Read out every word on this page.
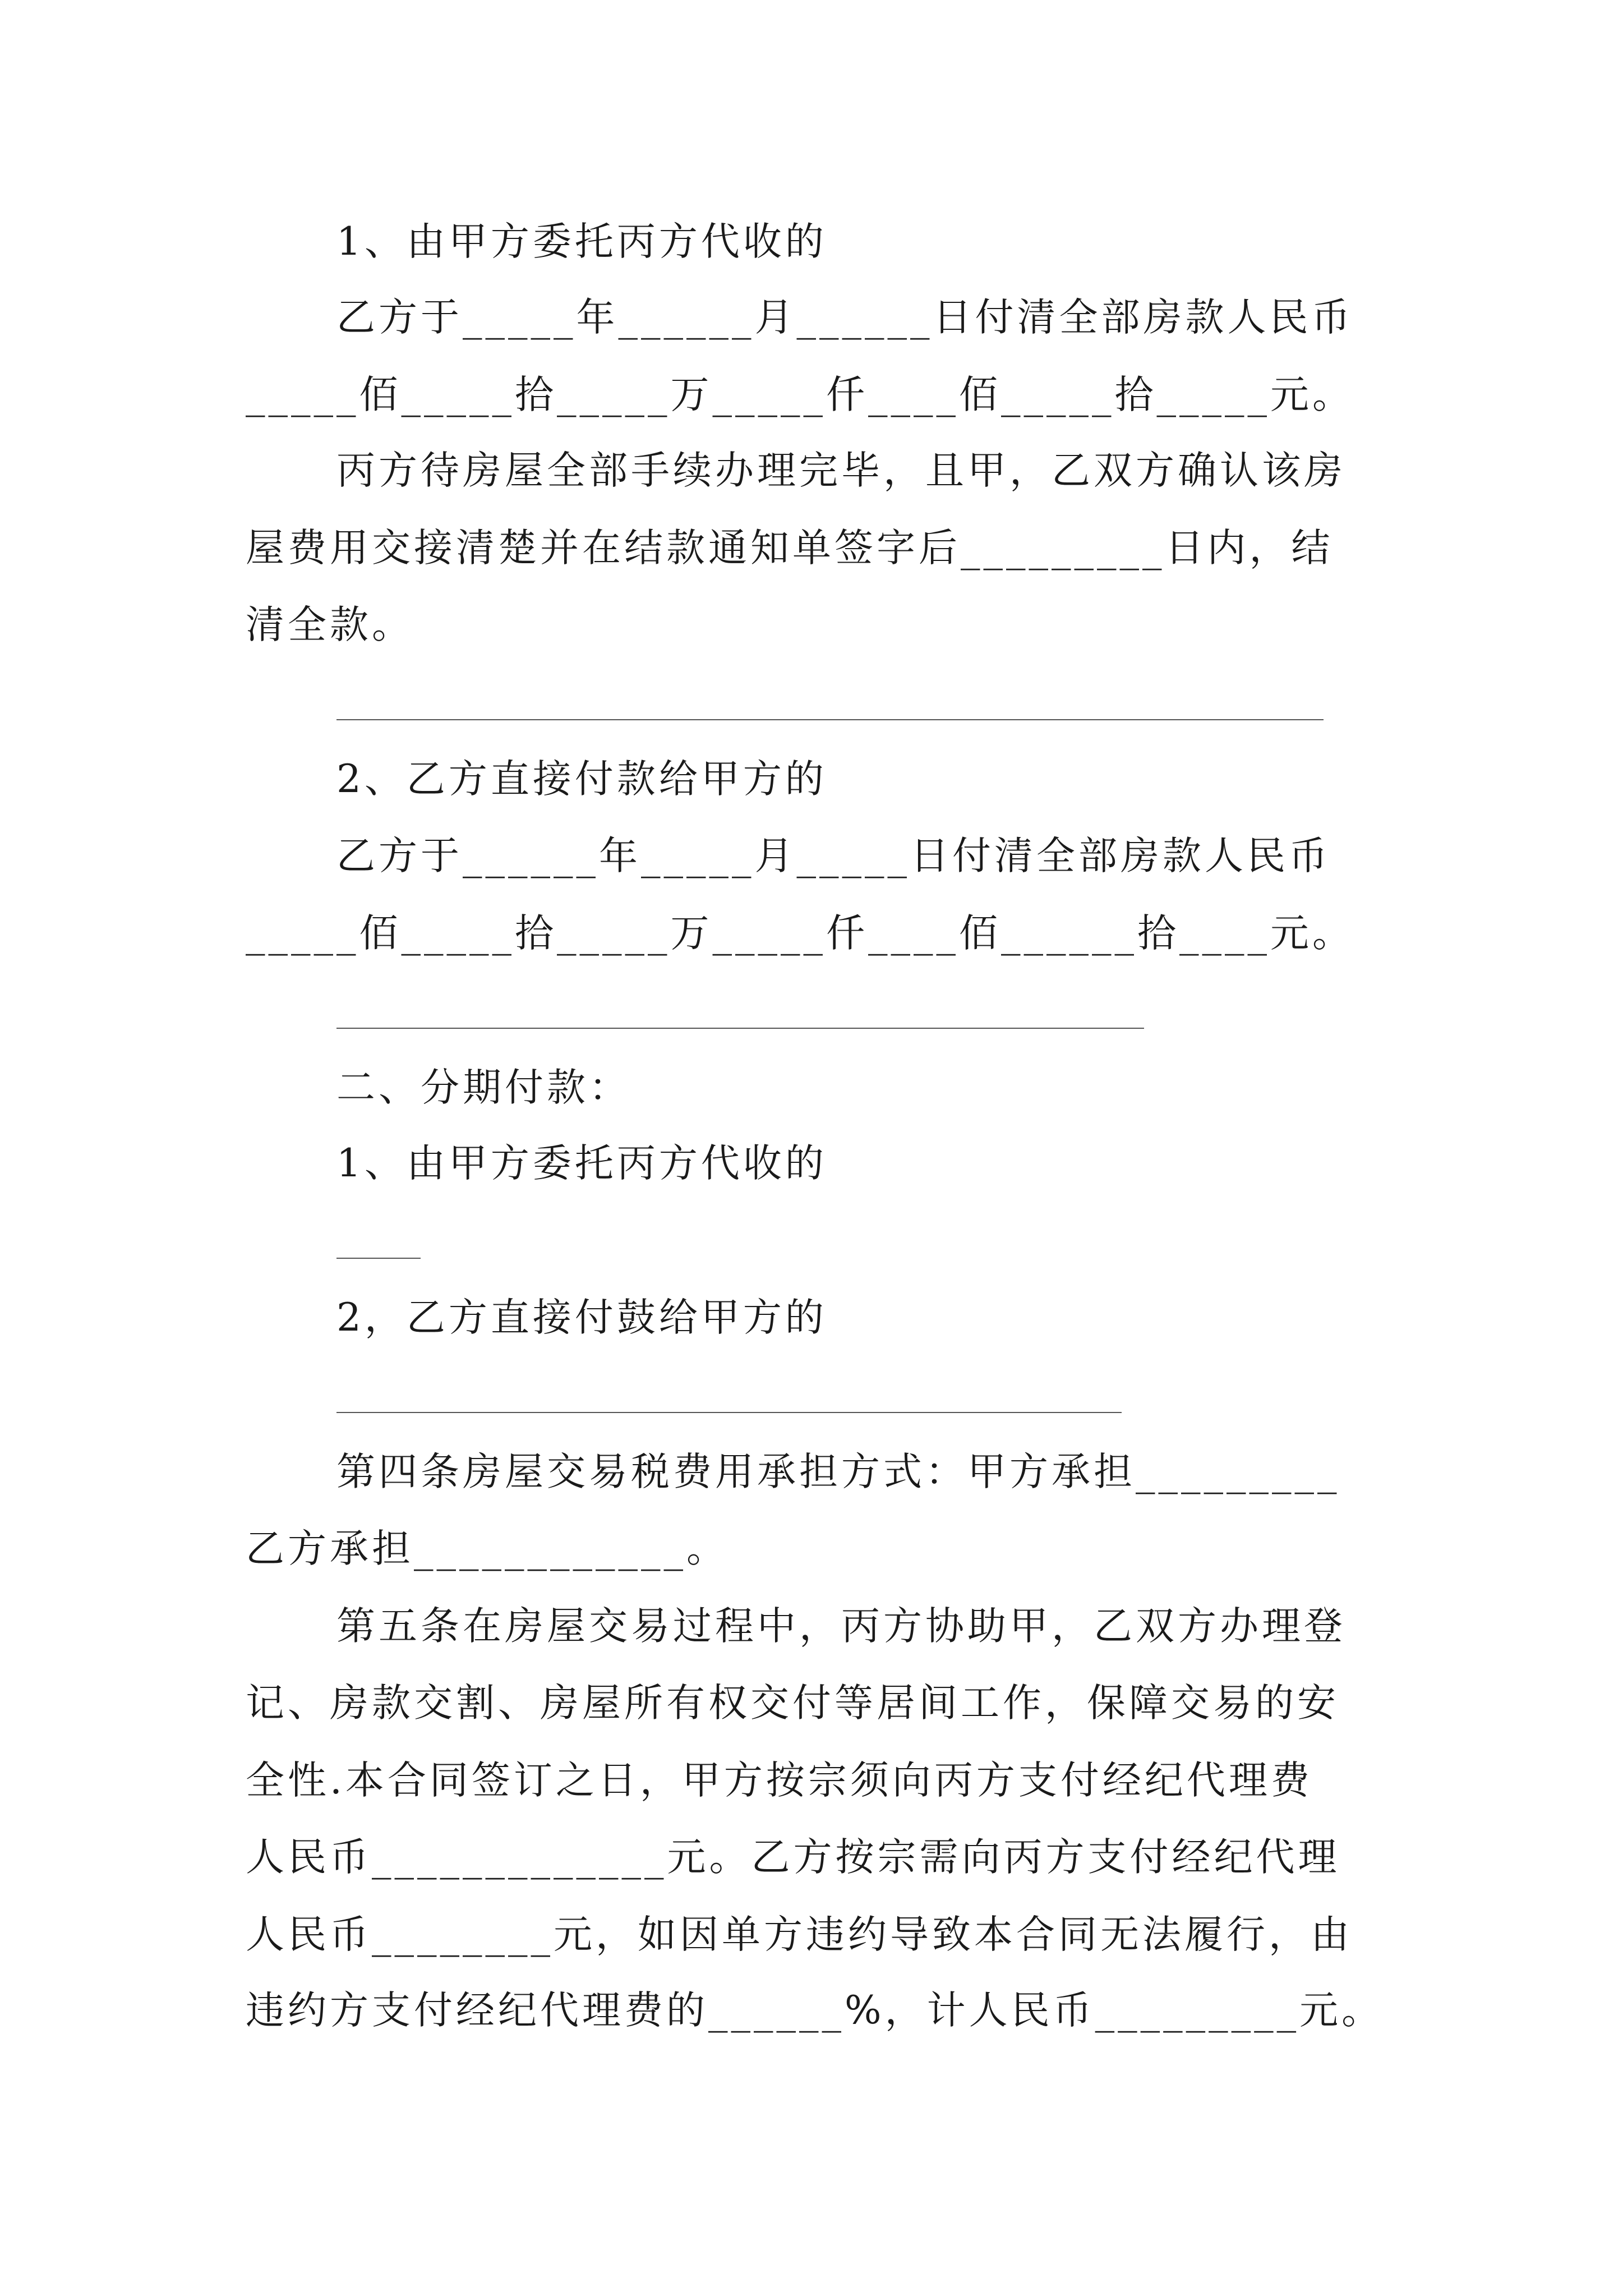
1、由甲方委托丙方代收的
乙方于_____年______月______日付清全部房款人民币
_____佰_____拾_____万_____仟____佰_____拾_____元。
丙方待房屋全部手续办理完毕，且甲，乙双方确认该房
屋费用交接清楚并在结款通知单签字后_________日内，结
清全款。
2、乙方直接付款给甲方的
乙方于______年_____月_____日付清全部房款人民币
_____佰_____拾_____万_____仟____佰______拾____元。
二、分期付款：
1、由甲方委托丙方代收的
2，乙方直接付鼓给甲方的
第四条房屋交易税费用承担方式：甲方承担_________
乙方承担____________。
第五条在房屋交易过程中，丙方协助甲，乙双方办理登
记、房款交割、房屋所有权交付等居间工作，保障交易的安
全性.本合同签订之日，甲方按宗须向丙方支付经纪代理费
人民币_____________元。乙方按宗需向丙方支付经纪代理
人民币________元，如因单方违约导致本合同无法履行，由
违约方支付经纪代理费的______%，计人民币_________元。
